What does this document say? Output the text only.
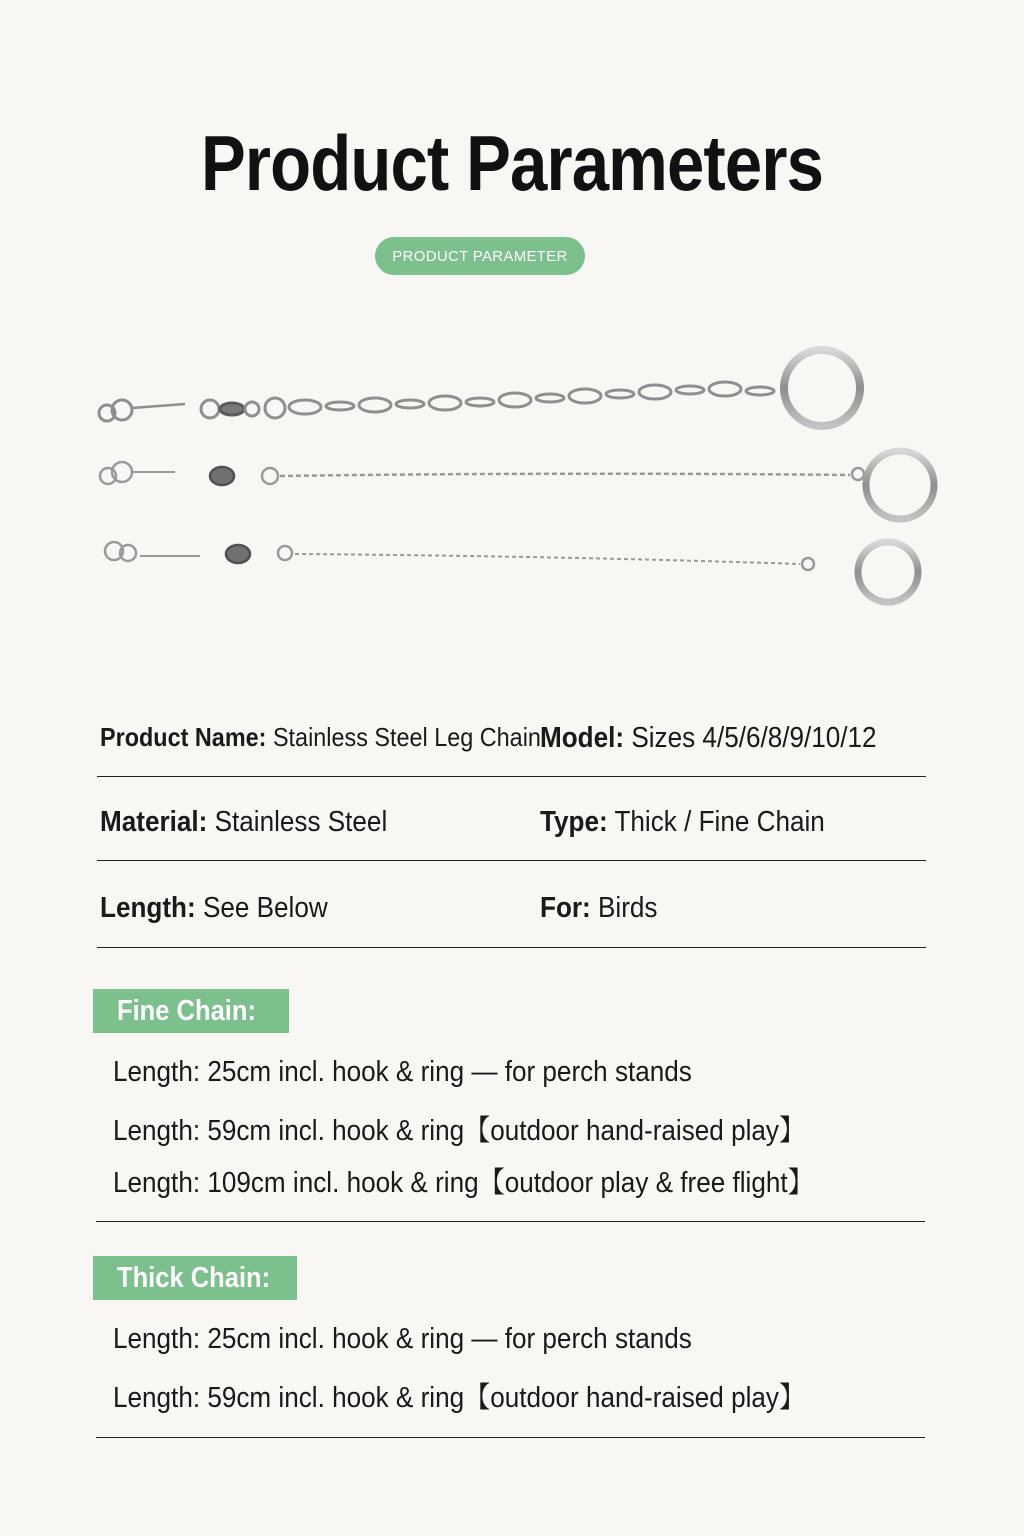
Product Parameters
PRODUCT PARAMETER
Product Name: Stainless Steel Leg Chain Model: Sizes 4/5/6/8/9/10/12
Material: Stainless Steel	Type: Thick / Fine Chain
Length: See Below	For: Birds
Fine Chain:
Length: 25cm incl. hook & ring — for perch stands
Length: 59cm incl. hook & ring【outdoor hand-raised play】
Length: 109cm incl. hook & ring【outdoor play & free flight】
Thick Chain:
Length: 25cm incl. hook & ring — for perch stands
Length: 59cm incl. hook & ring【outdoor hand-raised play】
